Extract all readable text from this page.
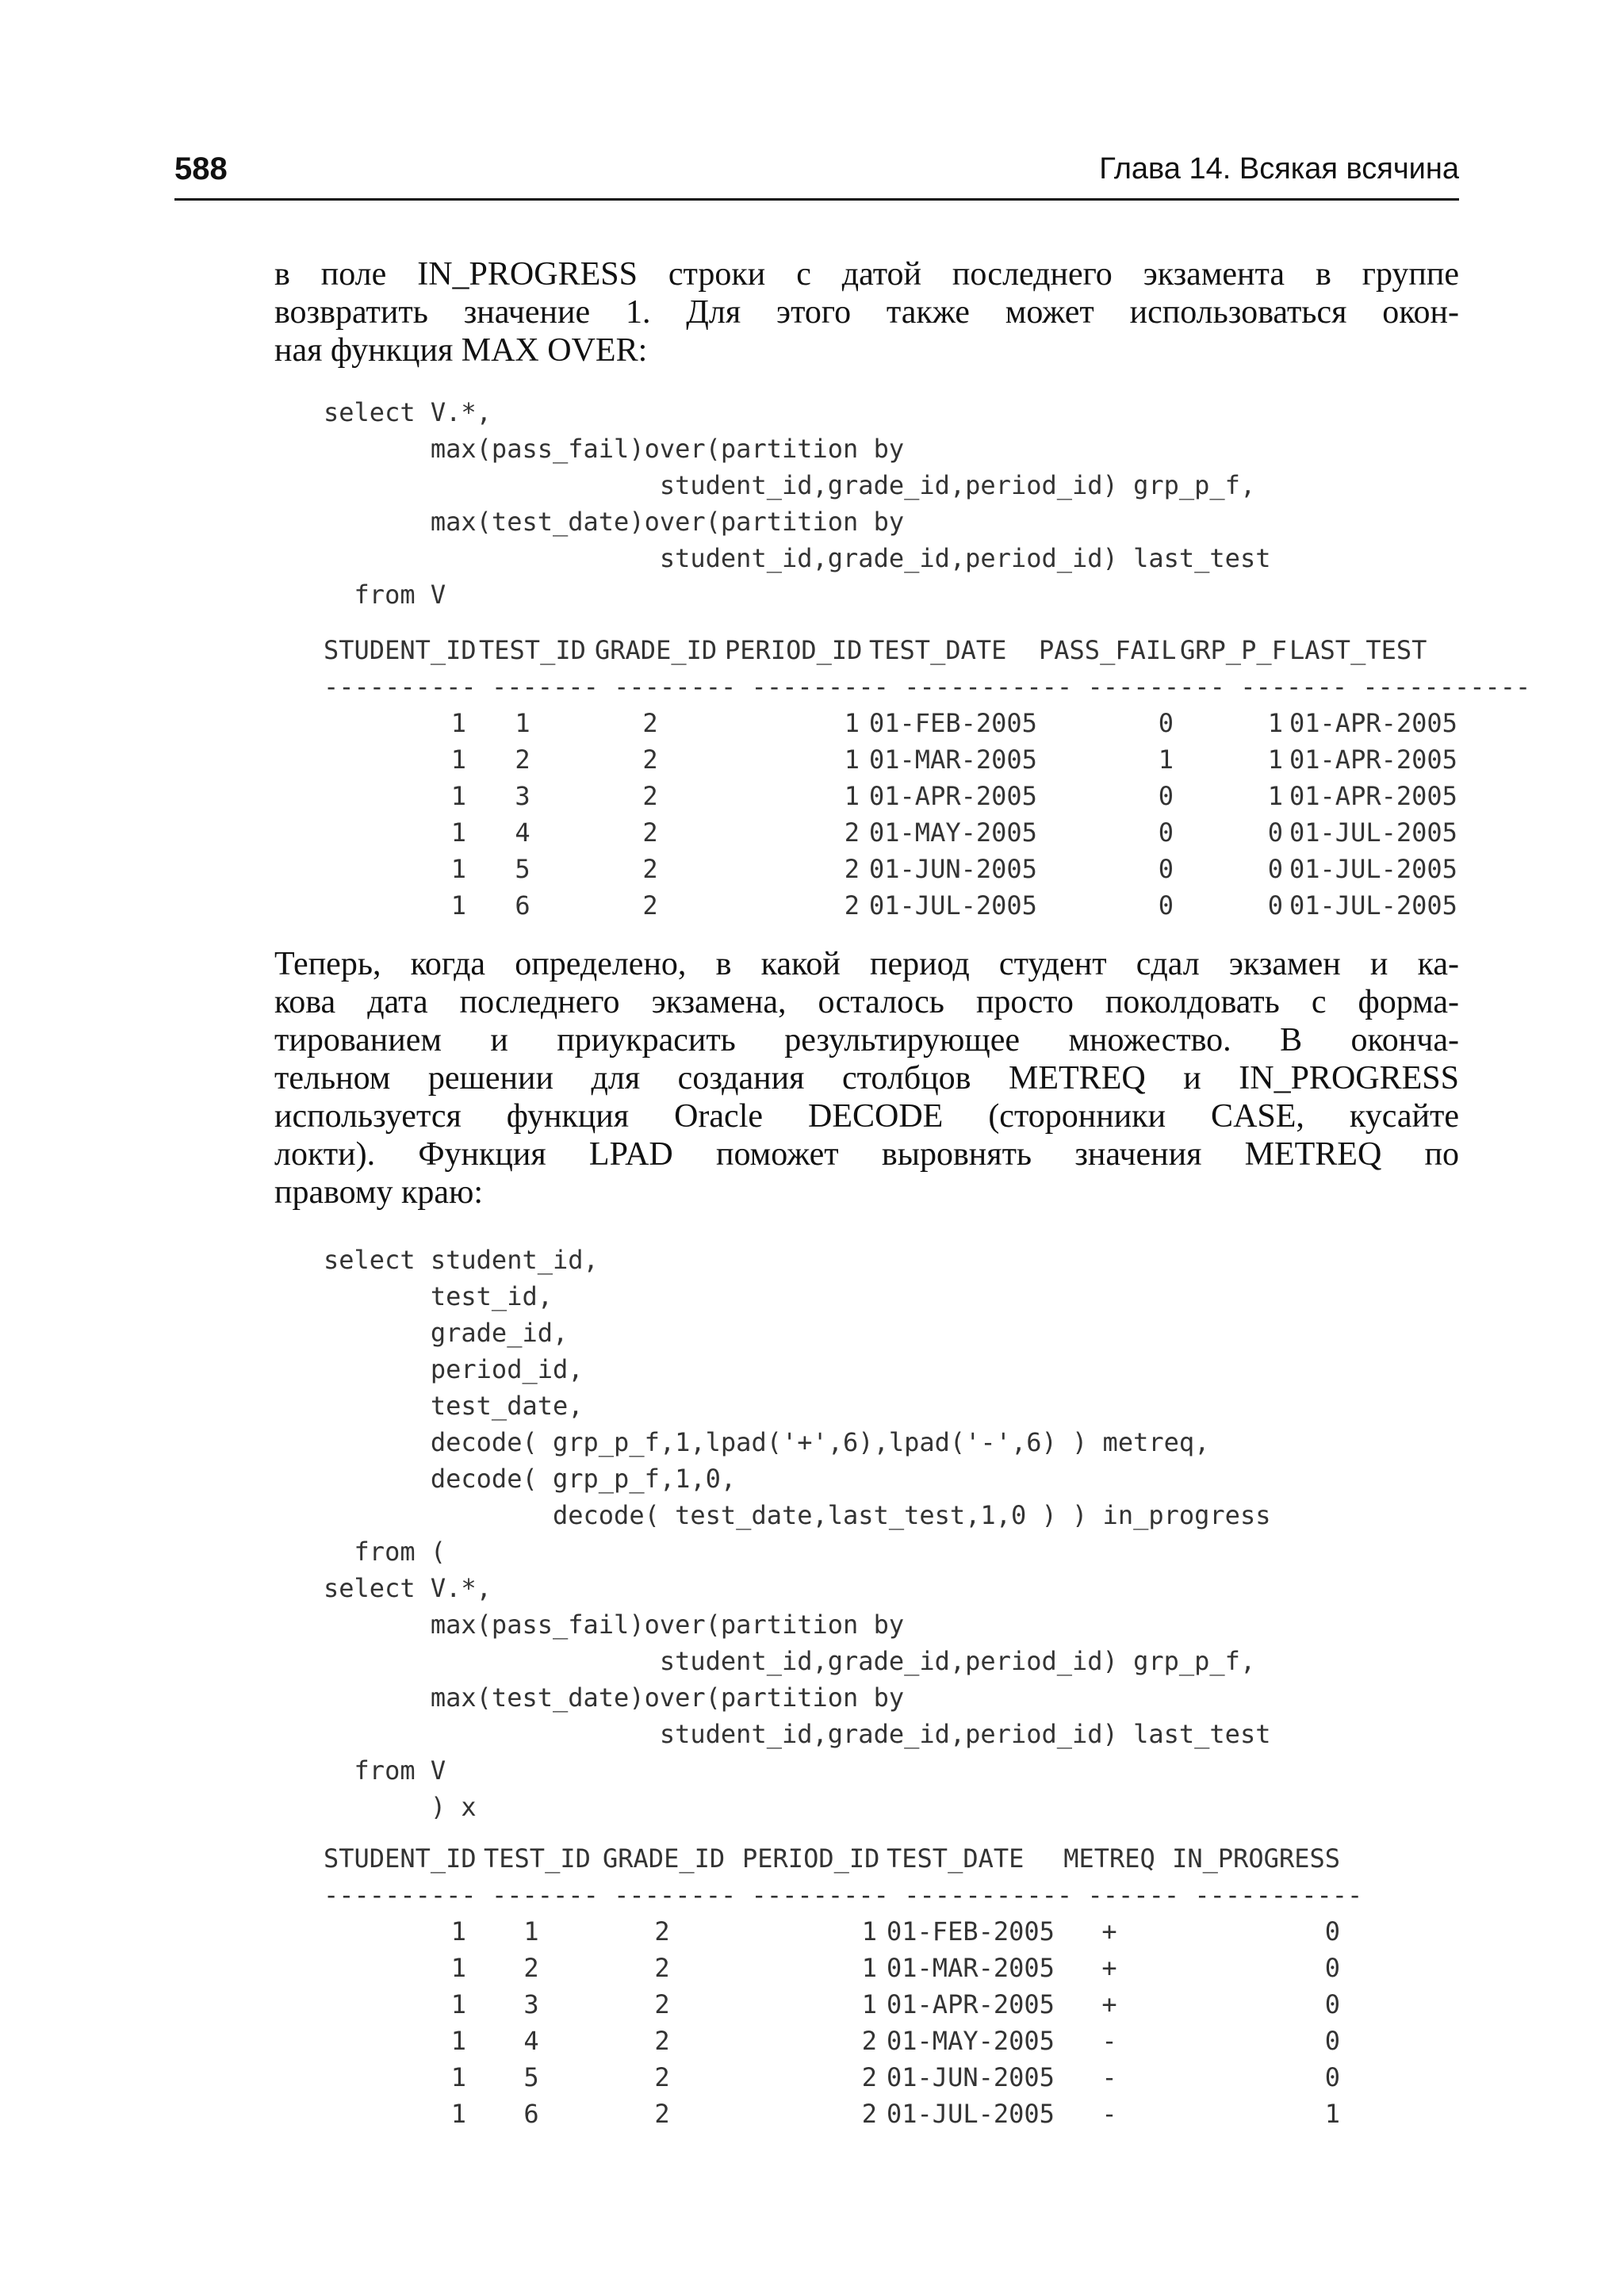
588	Глава 14. Всякая всячина
в поле IN_PROGRESS строки с датой последнего экзамента в группе
возвратить значение 1. Для этого также может использоваться окон-
ная функция MAX OVER:
select V.*,
max(pass_fail)over(partition by
student_id,grade_id,period_id) grp_p_f,
max(test_date)over(partition by
student_id,grade_id,period_id) last_test
from V
STUDENT_ID TEST_ID GRADE_ID PERIOD_ID TEST_DATE	PASS_FAIL GRP_P_F LAST_TEST
---------- ------- -------- --------- ----------- --------- ------- -----------
1	1	2	1 01-FEB-2005	0	1 01-APR-2005
1	2	2	1 01-MAR-2005	1	1 01-APR-2005
1	3	2	1 01-APR-2005	0	1 01-APR-2005
1	4	2	2 01-MAY-2005	0	0 01-JUL-2005
1	5	2	2 01-JUN-2005	0	0 01-JUL-2005
1	6	2	2 01-JUL-2005	0	0 01-JUL-2005
Теперь, когда определено, в какой период студент сдал экзамен и ка-
кова дата последнего экзамена, осталось просто поколдовать с форма-
тированием и приукрасить результирующее множество. В оконча-
тельном решении для создания столбцов METREQ и IN_PROGRESS
используется функция Oracle DECODE (сторонники CASE, кусайте
локти). Функция LPAD поможет выровнять значения METREQ по
правому краю:
select student_id,
test_id,
grade_id,
period_id,
test_date,
decode( grp_p_f,1,lpad('+',6),lpad('-',6) ) metreq,
decode( grp_p_f,1,0,
decode( test_date,last_test,1,0 ) ) in_progress
from (
select V.*,
max(pass_fail)over(partition by
student_id,grade_id,period_id) grp_p_f,
max(test_date)over(partition by
student_id,grade_id,period_id) last_test
from V
) x
STUDENT_ID TEST_ID GRADE_ID PERIOD_ID TEST_DATE	METREQ IN_PROGRESS
---------- ------- -------- --------- ----------- ------ -----------
1	1	2	1 01-FEB-2005	+	0
1	2	2	1 01-MAR-2005	+	0
1	3	2	1 01-APR-2005	+	0
1	4	2	2 01-MAY-2005	-	0
1	5	2	2 01-JUN-2005	-	0
1	6	2	2 01-JUL-2005	-	1
